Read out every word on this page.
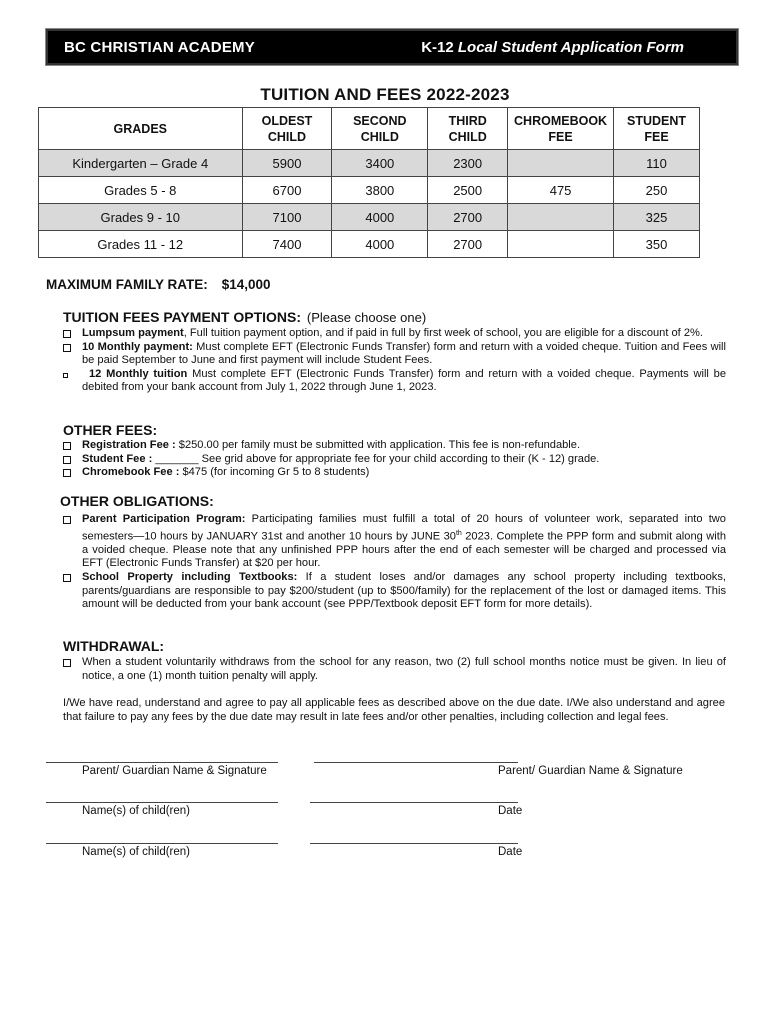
BC CHRISTIAN ACADEMY	K-12 Local Student Application Form
TUITION AND FEES 2022-2023
GRADES	OLDEST CHILD	SECOND CHILD	THIRD CHILD	CHROMEBOOK FEE	STUDENT FEE
Kindergarten – Grade 4	5900	3400	2300		110
Grades 5 - 8	6700	3800	2500	475	250
Grades 9 - 10	7100	4000	2700		325
Grades 11 - 12	7400	4000	2700		350
MAXIMUM FAMILY RATE: $14,000
TUITION FEES PAYMENT OPTIONS: (Please choose one)
Lumpsum payment, Full tuition payment option, and if paid in full by first week of school, you are eligible for a discount of 2%.
10 Monthly payment: Must complete EFT (Electronic Funds Transfer) form and return with a voided cheque. Tuition and Fees will be paid September to June and first payment will include Student Fees.
12 Monthly tuition Must complete EFT (Electronic Funds Transfer) form and return with a voided cheque. Payments will be debited from your bank account from July 1, 2022 through June 1, 2023.
OTHER FEES:
Registration Fee : $250.00 per family must be submitted with application. This fee is non-refundable.
Student Fee : _______ See grid above for appropriate fee for your child according to their (K - 12) grade.
Chromebook Fee : $475 (for incoming Gr 5 to 8 students)
OTHER OBLIGATIONS:
Parent Participation Program: Participating families must fulfill a total of 20 hours of volunteer work, separated into two semesters—10 hours by JANUARY 31st and another 10 hours by JUNE 30th 2023. Complete the PPP form and submit along with a voided cheque. Please note that any unfinished PPP hours after the end of each semester will be charged and processed via EFT (Electronic Funds Transfer) at $20 per hour.
School Property including Textbooks: If a student loses and/or damages any school property including textbooks, parents/guardians are responsible to pay $200/student (up to $500/family) for the replacement of the lost or damaged items. This amount will be deducted from your bank account (see PPP/Textbook deposit EFT form for more details).
WITHDRAWAL:
When a student voluntarily withdraws from the school for any reason, two (2) full school months notice must be given. In lieu of notice, a one (1) month tuition penalty will apply.
I/We have read, understand and agree to pay all applicable fees as described above on the due date. I/We also understand and agree that failure to pay any fees by the due date may result in late fees and/or other penalties, including collection and legal fees.
Parent/ Guardian Name & Signature	Parent/ Guardian Name & Signature
Name(s) of child(ren)	Date
Name(s) of child(ren)	Date
